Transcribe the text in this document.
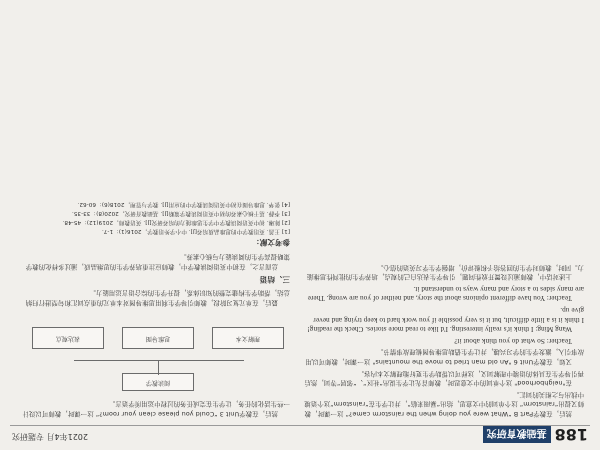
188
基础教育研究
2021年4月 专题研究

然后，在教学Part B “What were you doing when the rainstorm came?” 这一课时，教师又提出“rainstorm” 这个单词的中文意思，给出“暴雨来临”，并让学生在“rainstorm”这个语境中找出与之相关的词汇。

在"neighborhood" 这个单词的中文意思时，教师首先让学生说出“社区”、“邻居”等词，然后再引导学生在具体的语境中理解词义，这样可以帮助学生更好地理解文本内容。

又如，在教学Unit 6 "An old man tried to move the mountains" 这一课时，教师可以用故事引入，激发学生的学习兴趣，并让学生借助思维导图梳理故事情节。

Teacher: So what do you think about it?

Wang Ming: I think it's really interesting. I'd like to read more stories. Check the reading! I think it is a little difficult, but it is very possible if you work hard to keep trying and never give up.

Teacher: You have different opinions about the story, and neither of you are wrong. There are many sides to a story and many ways to understand it.

上述对话中，教师通过设置开放性问题，引导学生表达自己的观点，培养学生的批判性思维能力。同时，教师对学生的回答给予积极评价，增强学生学习英语的信心。

然后，在教学Unit 3 “Could you please clean your room?” 这一课时，教师可以设计一些生活化的任务，让学生在完成任务的过程中运用所学语言。

阅读教学
理解文本
思维导图
表达观点

最后，在单元复习阶段，教师引导学生利用思维导图对本单元的重点词汇和句型进行归纳总结，帮助学生构建完整的知识体系，提升学生的综合语言运用能力。

三、结语

总而言之，在初中英语阅读教学中，教师应注重培养学生的思维品质，通过多样化的教学策略提高学生的阅读能力与核心素养。

参考文献：
[1] 王蔷. 英语教学中的思维品质培养[J]. 中小学外语教学，2016(1)：1-7.
[2] 陈琳. 初中英语阅读教学中学生思维能力的培养研究[J]. 英语教师，2019(12)：45-48.
[3] 李静. 基于核心素养的初中英语阅读教学策略[J]. 基础教育研究，2020(8)：33-35.
[4] 张华. 思维导图在初中英语阅读教学中的应用[J]. 教学与管理，2018(6)：60-62.
